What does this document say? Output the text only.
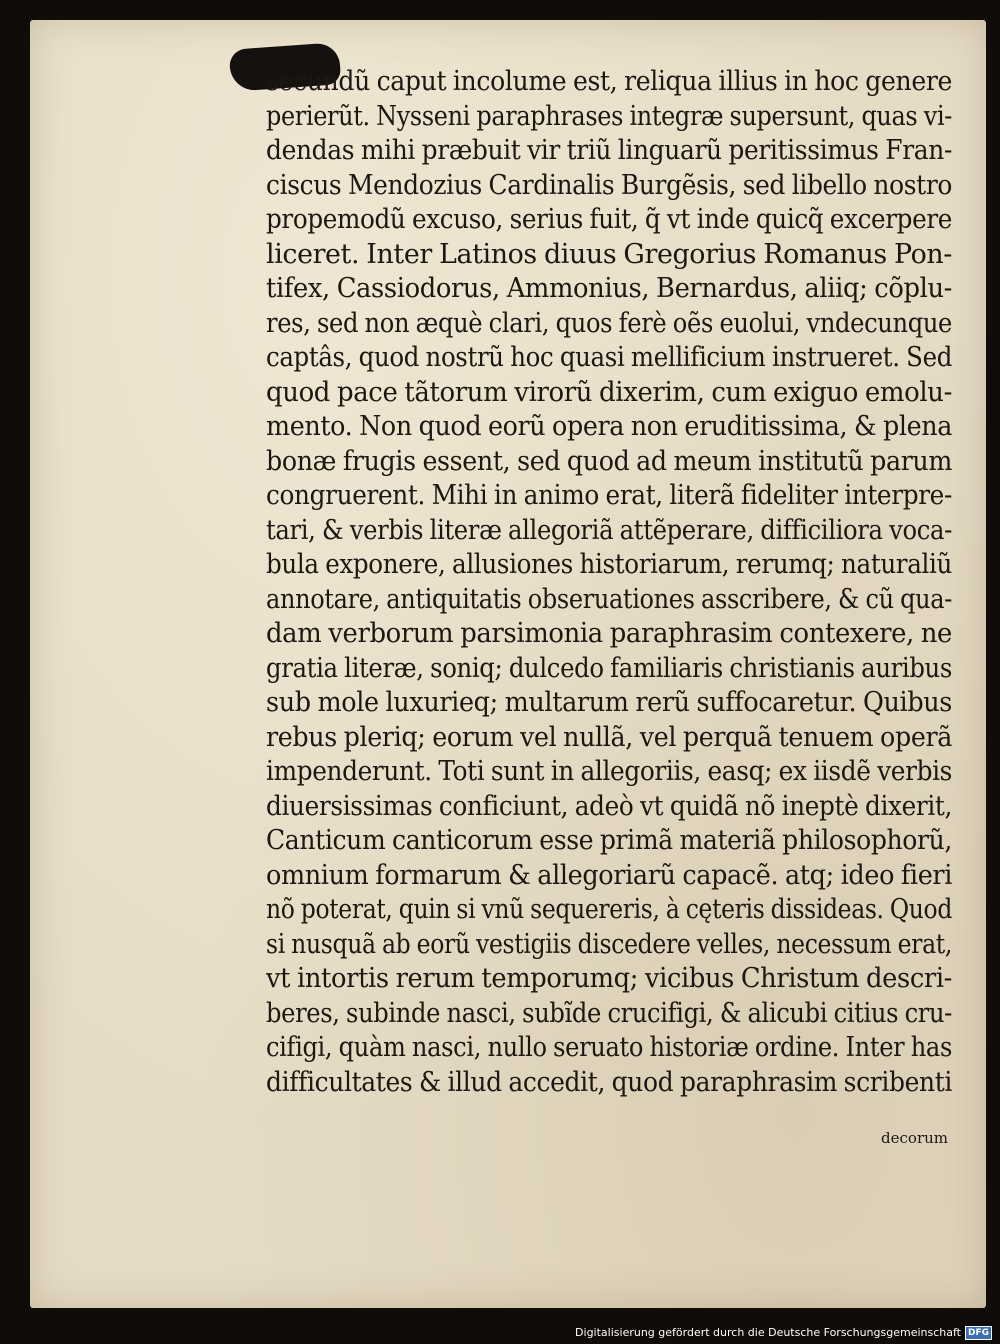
secundũ caput incolume est, reliqua illius in hoc genere
perierũt. Nysseni paraphrases integræ supersunt, quas vi-
dendas mihi præbuit vir triũ linguarũ peritissimus Fran-
ciscus Mendozius Cardinalis Burgẽsis, sed libello nostro
propemodũ excuso, serius fuit, q̃ vt inde quicq̃ excerpere
liceret. Inter Latinos diuus Gregorius Romanus Pon-
tifex, Cassiodorus, Ammonius, Bernardus, aliiq; cõplu-
res, sed non æquè clari, quos ferè oẽs euolui, vndecunque
captâs, quod nostrũ hoc quasi mellificium instrueret. Sed
quod pace tãtorum virorũ dixerim, cum exiguo emolu-
mento. Non quod eorũ opera non eruditissima, & plena
bonæ frugis essent, sed quod ad meum institutũ parum
congruerent. Mihi in animo erat, literã fideliter interpre-
tari, & verbis literæ allegoriã attẽperare, difficiliora voca-
bula exponere, allusiones historiarum, rerumq; naturaliũ
annotare, antiquitatis obseruationes asscribere, & cũ qua-
dam verborum parsimonia paraphrasim contexere, ne
gratia literæ, soniq; dulcedo familiaris christianis auribus
sub mole luxurieq; multarum rerũ suffocaretur. Quibus
rebus pleriq; eorum vel nullã, vel perquã tenuem operã
impenderunt. Toti sunt in allegoriis, easq; ex iisdẽ verbis
diuersissimas conficiunt, adeò vt quidã nõ ineptè dixerit,
Canticum canticorum esse primã materiã philosophorũ,
omnium formarum & allegoriarũ capacẽ. atq; ideo fieri
nõ poterat, quin si vnũ sequereris, à cęteris dissideas. Quod
si nusquã ab eorũ vestigiis discedere velles, necessum erat,
vt intortis rerum temporumq; vicibus Christum descri-
beres, subinde nasci, subĩde crucifigi, & alicubi citius cru-
cifigi, quàm nasci, nullo seruato historiæ ordine. Inter has
difficultates & illud accedit, quod paraphrasim scribenti
decorum
Digitalisierung gefördert durch die Deutsche Forschungsgemeinschaft DFG
